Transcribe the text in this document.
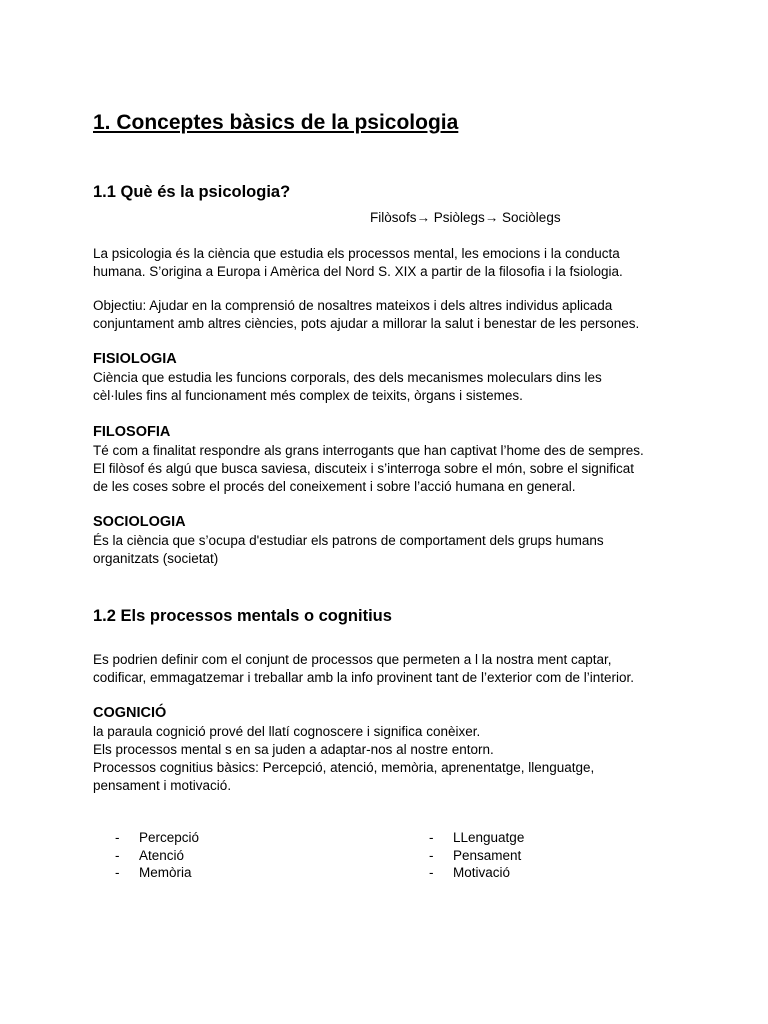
1. Conceptes bàsics de la psicologia
1.1 Què és la psicologia?
Filòsofs→ Psiòlegs→ Sociòlegs

La psicologia és la ciència que estudia els processos mental, les emocions i la conducta

humana. S’origina a Europa i Amèrica del Nord S. XIX a partir de la filosofia i la fsiologia.

Objectiu: Ajudar en la comprensió de nosaltres mateixos i dels altres individus aplicada

conjuntament amb altres ciències, pots ajudar a millorar la salut i benestar de les persones.

FISIOLOGIA

Ciència que estudia les funcions corporals, des dels mecanismes moleculars dins les

cèl·lules fins al funcionament més complex de teixits, òrgans i sistemes.

FILOSOFIA

Té com a finalitat respondre als grans interrogants que han captivat l’home des de sempres.

El filòsof és algú que busca saviesa, discuteix i s’interroga sobre el món, sobre el significat

de les coses sobre el procés del coneixement i sobre l’acció humana en general.

SOCIOLOGIA

És la ciència que s’ocupa d'estudiar els patrons de comportament dels grups humans

organitzats (societat)

1.2 Els processos mentals o cognitius

Es podrien definir com el conjunt de processos que permeten a l la nostra ment captar,

codificar, emmagatzemar i treballar amb la info provinent tant de l’exterior com de l’interior.

COGNICIÓ

la paraula cognició prové del llatí cognoscere i significa conèixer.

Els processos mental s en sa juden a adaptar-nos al nostre entorn.

Processos cognitius bàsics: Percepció, atenció, memòria, aprenentatge, llenguatge,

pensament i motivació.

- Percepció
- Atenció
- Memòria
- LLenguatge
- Pensament
- Motivació
